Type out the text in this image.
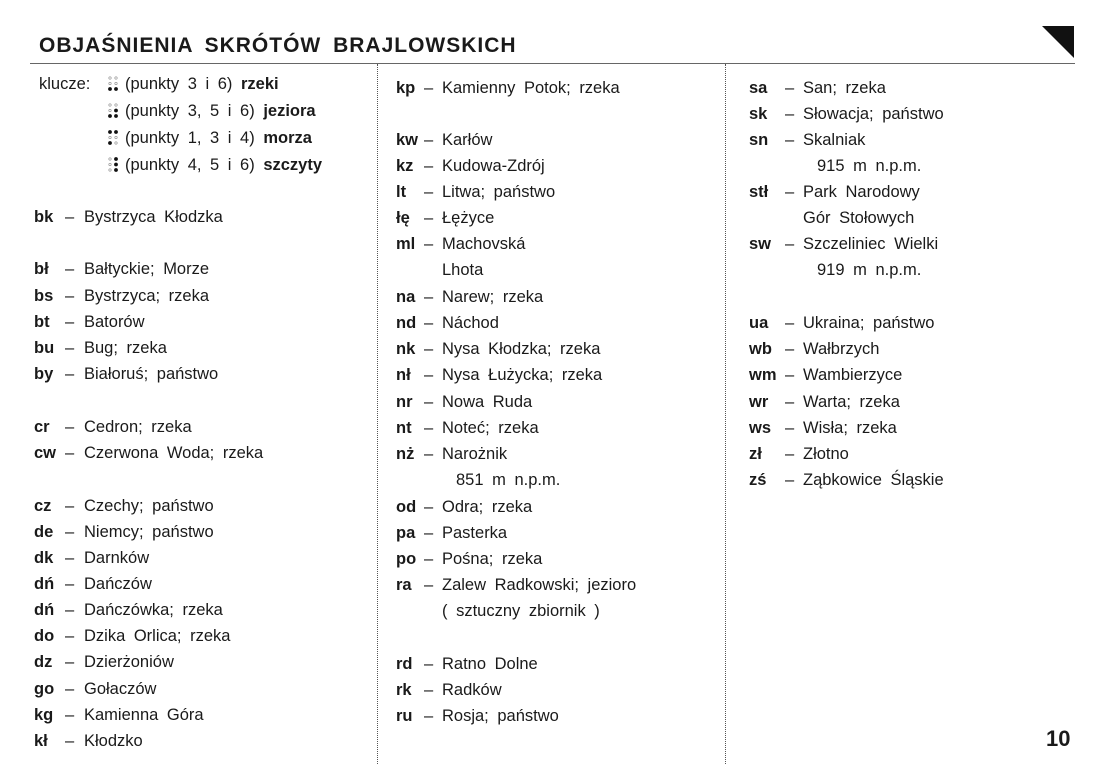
OBJAŚNIENIA SKRÓTÓW BRAJLOWSKICH
klucze:	(punkty 3 i 6) rzeki
(punkty 3, 5 i 6) jeziora
(punkty 1, 3 i 4) morza
(punkty 4, 5 i 6) szczyty
bk – Bystrzyca Kłodzka
bł – Bałtyckie; Morze
bs – Bystrzyca; rzeka
bt – Batorów
bu – Bug; rzeka
by – Białoruś; państwo
cr – Cedron; rzeka
cw – Czerwona Woda; rzeka
cz – Czechy; państwo
de – Niemcy; państwo
dk – Darnków
dń – Dańczów
dń – Dańczówka; rzeka
do – Dzika Orlica; rzeka
dz – Dzierżoniów
go – Gołaczów
kg – Kamienna Góra
kł – Kłodzko
kp – Kamienny Potok; rzeka
kw – Karłów
kz – Kudowa-Zdrój
lt – Litwa; państwo
łę – Łężyce
ml – Machovská
Lhota
na – Narew; rzeka
nd – Náchod
nk – Nysa Kłodzka; rzeka
nł – Nysa Łużycka; rzeka
nr – Nowa Ruda
nt – Noteć; rzeka
nż – Narożnik
851 m n.p.m.
od – Odra; rzeka
pa – Pasterka
po – Pośna; rzeka
ra – Zalew Radkowski; jezioro
( sztuczny zbiornik )
rd – Ratno Dolne
rk – Radków
ru – Rosja; państwo
sa – San; rzeka
sk – Słowacja; państwo
sn – Skalniak
915 m n.p.m.
stł – Park Narodowy
Gór Stołowych
sw – Szczeliniec Wielki
919 m n.p.m.
ua – Ukraina; państwo
wb – Wałbrzych
wm – Wambierzyce
wr – Warta; rzeka
ws – Wisła; rzeka
zł – Złotno
zś – Ząbkowice Śląskie
10
